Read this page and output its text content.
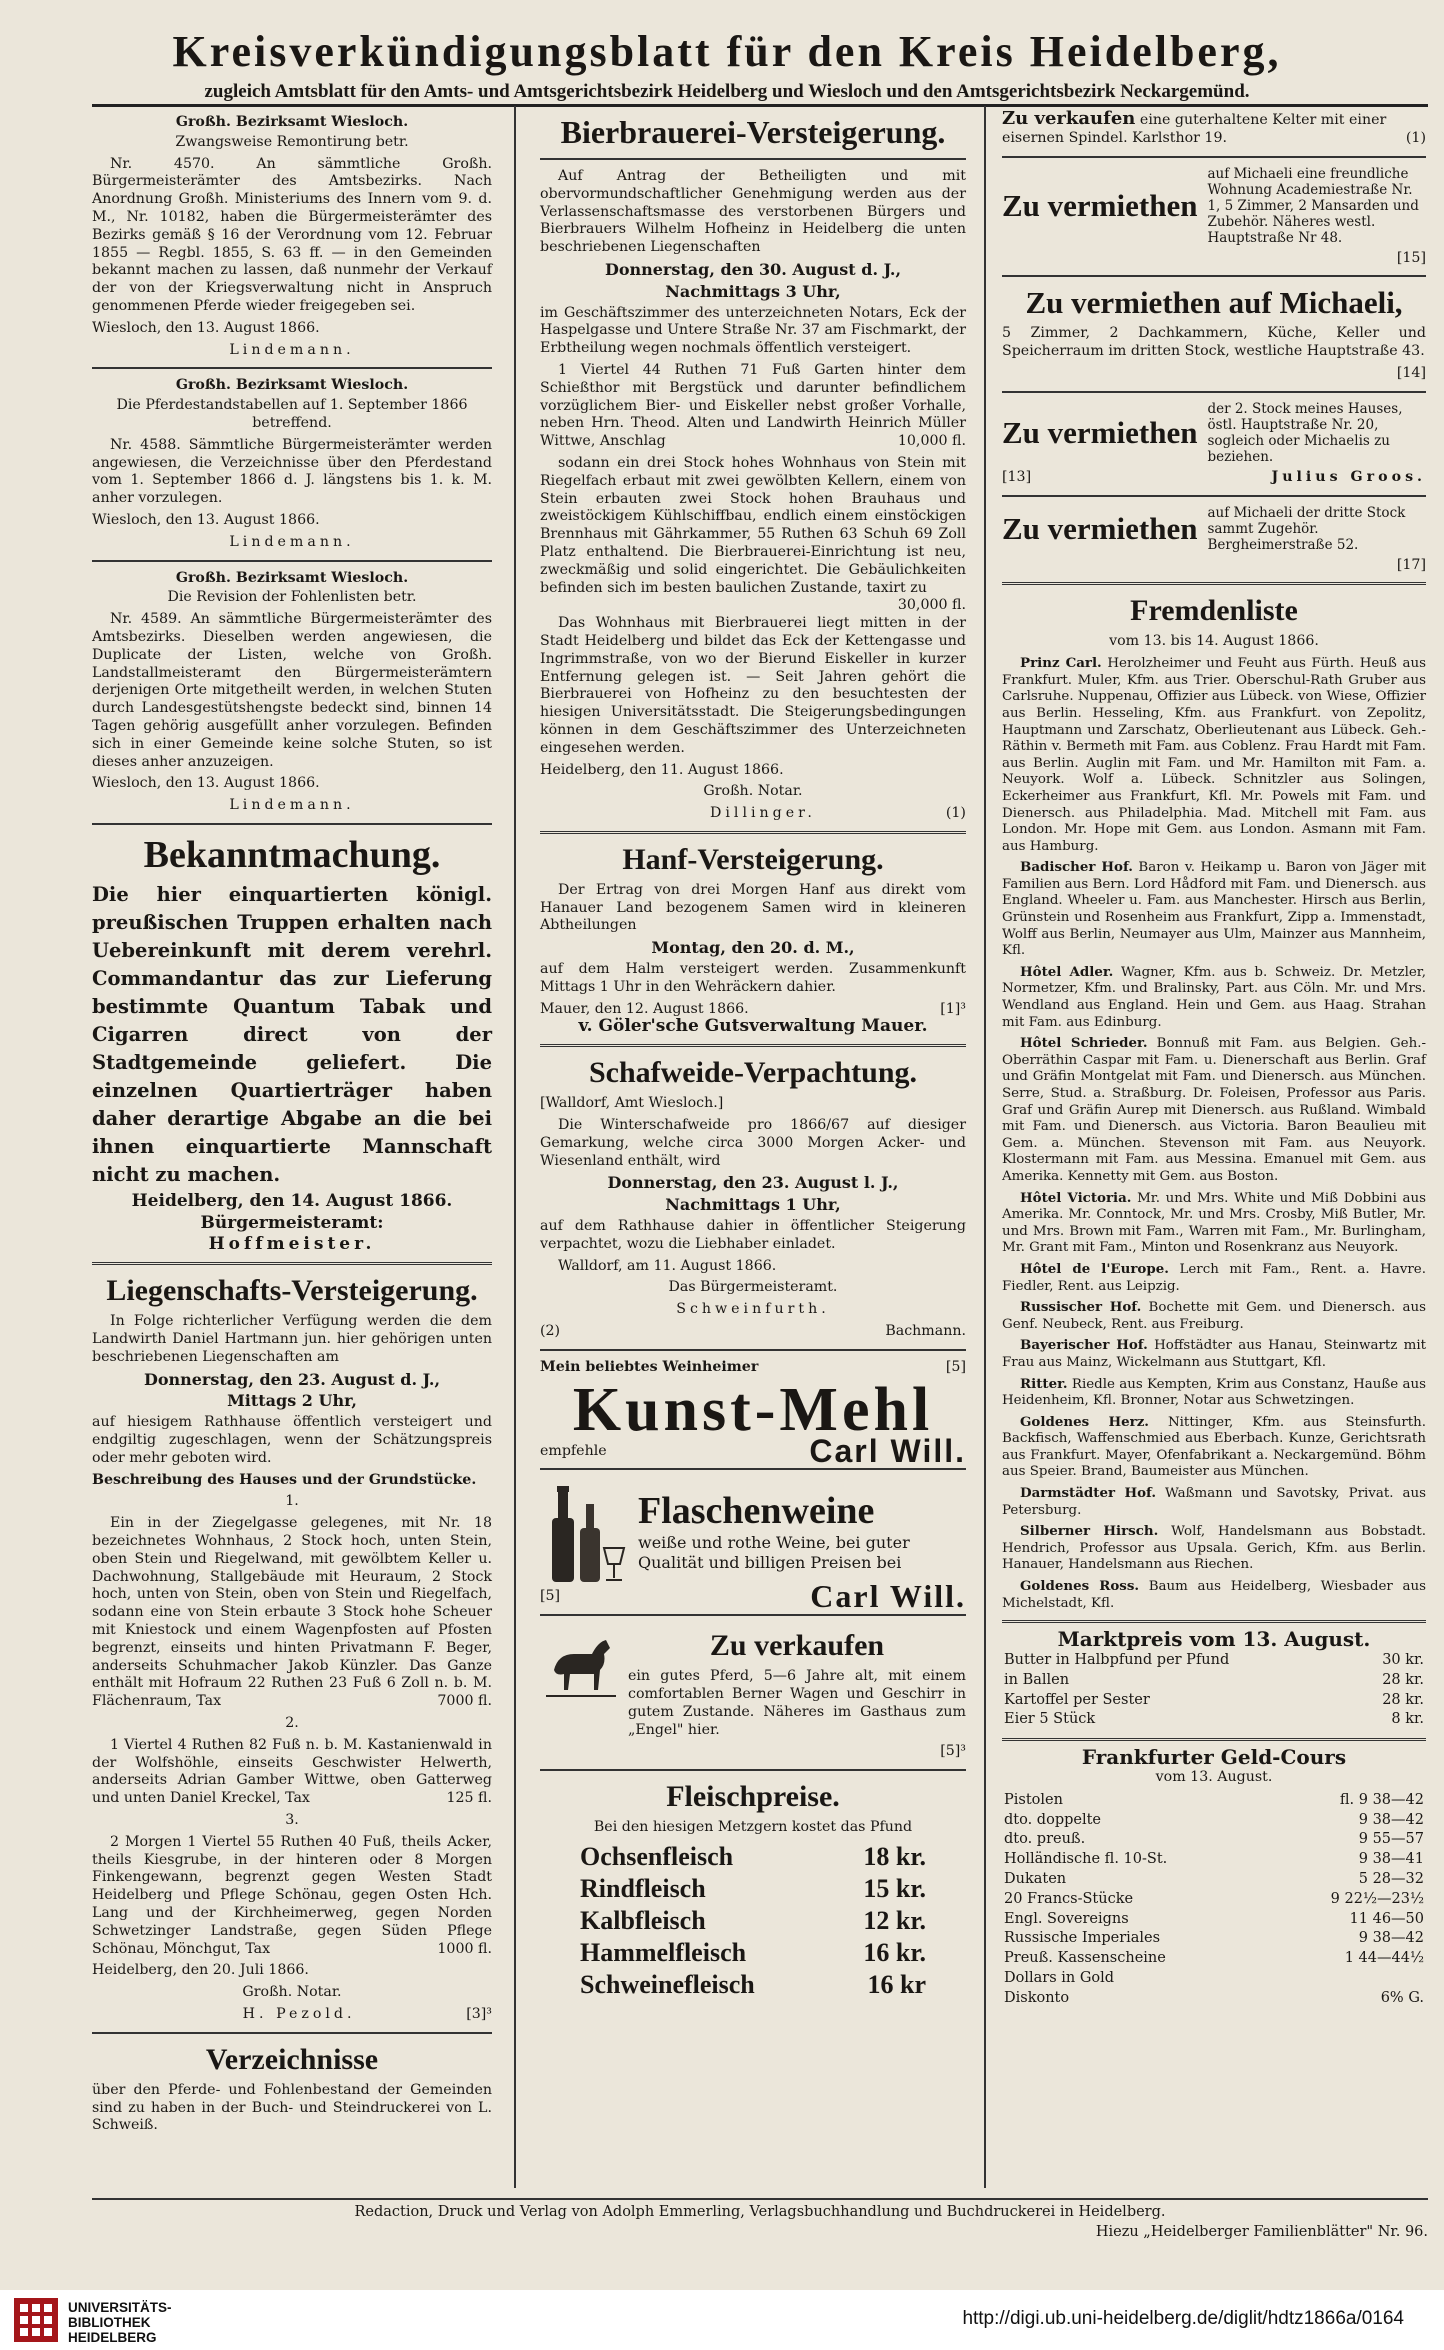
Kreisverkündigungsblatt für den Kreis Heidelberg,
zugleich Amtsblatt für den Amts- und Amtsgerichtsbezirk Heidelberg und Wiesloch und den Amtsgerichtsbezirk Neckargemünd.

Großh. Bezirksamt Wiesloch.

Zwangsweise Remontirung betr.

Nr. 4570. An sämmtliche Großh. Bürgermeisterämter des Amtsbezirks. Nach Anordnung Großh. Ministeriums des Innern vom 9. d. M., Nr. 10182, haben die Bürgermeisterämter des Bezirks gemäß § 16 der Verordnung vom 12. Februar 1855 — Regbl. 1855, S. 63 ff. — in den Gemeinden bekannt machen zu lassen, daß nunmehr der Verkauf der von der Kriegsverwaltung nicht in Anspruch genommenen Pferde wieder freigegeben sei.

Wiesloch, den 13. August 1866.

Lindemann.

Großh. Bezirksamt Wiesloch.

Die Pferdestandstabellen auf 1. September 1866 betreffend.

Nr. 4588. Sämmtliche Bürgermeisterämter werden angewiesen, die Verzeichnisse über den Pferdestand vom 1. September 1866 d. J. längstens bis 1. k. M. anher vorzulegen.

Wiesloch, den 13. August 1866.

Lindemann.

Großh. Bezirksamt Wiesloch.

Die Revision der Fohlenlisten betr.

Nr. 4589. An sämmtliche Bürgermeisterämter des Amtsbezirks. Dieselben werden angewiesen, die Duplicate der Listen, welche von Großh. Landstallmeisteramt den Bürgermeisterämtern derjenigen Orte mitgetheilt werden, in welchen Stuten durch Landesgestütshengste bedeckt sind, binnen 14 Tagen gehörig ausgefüllt anher vorzulegen. Befinden sich in einer Gemeinde keine solche Stuten, so ist dieses anher anzuzeigen.

Wiesloch, den 13. August 1866.

Lindemann.

Bekanntmachung.

Die hier einquartierten königl. preußischen Truppen erhalten nach Uebereinkunft mit derem verehrl. Commandantur das zur Lieferung bestimmte Quantum Tabak und Cigarren direct von der Stadtgemeinde geliefert. Die einzelnen Quartierträger haben daher derartige Abgabe an die bei ihnen einquartierte Mannschaft nicht zu machen.

Heidelberg, den 14. August 1866.

Bürgermeisteramt:

Hoffmeister.

Liegenschafts-Versteigerung.

In Folge richterlicher Verfügung werden die dem Landwirth Daniel Hartmann jun. hier gehörigen unten beschriebenen Liegenschaften am

Donnerstag, den 23. August d. J.,

Mittags 2 Uhr,

auf hiesigem Rathhause öffentlich versteigert und endgiltig zugeschlagen, wenn der Schätzungspreis oder mehr geboten wird.

Beschreibung des Hauses und der Grundstücke.

1.

Ein in der Ziegelgasse gelegenes, mit Nr. 18 bezeichnetes Wohnhaus, 2 Stock hoch, unten Stein, oben Stein und Riegelwand, mit gewölbtem Keller u. Dachwohnung, Stallgebäude mit Heuraum, 2 Stock hoch, unten von Stein, oben von Stein und Riegelfach, sodann eine von Stein erbaute 3 Stock hohe Scheuer mit Kniestock und einem Wagenpfosten auf Pfosten begrenzt, einseits und hinten Privatmann F. Beger, anderseits Schuhmacher Jakob Künzler. Das Ganze enthält mit Hofraum 22 Ruthen 23 Fuß 6 Zoll n. b. M. Flächenraum, Tax	7000 fl.

2.

1 Viertel 4 Ruthen 82 Fuß n. b. M. Kastanienwald in der Wolfshöhle, einseits Geschwister Helwerth, anderseits Adrian Gamber Wittwe, oben Gatterweg und unten Daniel Kreckel, Tax	125 fl.

3.

2 Morgen 1 Viertel 55 Ruthen 40 Fuß, theils Acker, theils Kiesgrube, in der hinteren oder 8 Morgen Finkengewann, begrenzt gegen Westen Stadt Heidelberg und Pflege Schönau, gegen Osten Hch. Lang und der Kirchheimerweg, gegen Norden Schwetzinger Landstraße, gegen Süden Pflege Schönau, Mönchgut, Tax	1000 fl.

Heidelberg, den 20. Juli 1866.

Großh. Notar.

H. Pezold.	[3]³
Verzeichnisse

über den Pferde- und Fohlenbestand der Gemeinden sind zu haben in der Buch- und Steindruckerei von L. Schweiß.

Bierbrauerei-Versteigerung.

Auf Antrag der Betheiligten und mit obervormundschaftlicher Genehmigung werden aus der Verlassenschaftsmasse des verstorbenen Bürgers und Bierbrauers Wilhelm Hofheinz in Heidelberg die unten beschriebenen Liegenschaften

Donnerstag, den 30. August d. J.,

Nachmittags 3 Uhr,

im Geschäftszimmer des unterzeichneten Notars, Eck der Haspelgasse und Untere Straße Nr. 37 am Fischmarkt, der Erbtheilung wegen nochmals öffentlich versteigert.

1 Viertel 44 Ruthen 71 Fuß Garten hinter dem Schießthor mit Bergstück und darunter befindlichem vorzüglichem Bier- und Eiskeller nebst großer Vorhalle, neben Hrn. Theod. Alten und Landwirth Heinrich Müller Wittwe, Anschlag	10,000 fl.

sodann ein drei Stock hohes Wohnhaus von Stein mit Riegelfach erbaut mit zwei gewölbten Kellern, einem von Stein erbauten zwei Stock hohen Brauhaus und zweistöckigem Kühlschiffbau, endlich einem einstöckigen Brennhaus mit Gährkammer, 55 Ruthen 63 Schuh 69 Zoll Platz enthaltend. Die Bierbrauerei-Einrichtung ist neu, zweckmäßig und solid eingerichtet. Die Gebäulichkeiten befinden sich im besten baulichen Zustande, taxirt zu
30,000 fl.

Das Wohnhaus mit Bierbrauerei liegt mitten in der Stadt Heidelberg und bildet das Eck der Kettengasse und Ingrimmstraße, von wo der Bierund Eiskeller in kurzer Entfernung gelegen ist. — Seit Jahren gehört die Bierbrauerei von Hofheinz zu den besuchtesten der hiesigen Universitätsstadt. Die Steigerungsbedingungen können in dem Geschäftszimmer des Unterzeichneten eingesehen werden.

Heidelberg, den 11. August 1866.

Großh. Notar.

Dillinger.	(1)
Hanf-Versteigerung.

Der Ertrag von drei Morgen Hanf aus direkt vom Hanauer Land bezogenem Samen wird in kleineren Abtheilungen

Montag, den 20. d. M.,

auf dem Halm versteigert werden. Zusammenkunft Mittags 1 Uhr in den Wehräckern dahier.

Mauer, den 12. August 1866.	[1]³

v. Göler'sche Gutsverwaltung Mauer.

Schafweide-Verpachtung.

[Walldorf, Amt Wiesloch.]

Die Winterschafweide pro 1866/67 auf diesiger Gemarkung, welche circa 3000 Morgen Acker- und Wiesenland enthält, wird

Donnerstag, den 23. August l. J.,

Nachmittags 1 Uhr,

auf dem Rathhause dahier in öffentlicher Steigerung verpachtet, wozu die Liebhaber einladet.

Walldorf, am 11. August 1866.

Das Bürgermeisteramt.

Schweinfurth.

(2)	Bachmann.
Mein beliebtes Weinheimer	[5]
Kunst-Mehl
empfehle	Carl Will.
Flaschenweine

weiße und rothe Weine, bei guter Qualität und billigen Preisen bei

[5]	Carl Will.
Zu verkaufen

ein gutes Pferd, 5—6 Jahre alt, mit einem comfortablen Berner Wagen und Geschirr in gutem Zustande. Näheres im Gasthaus zum „Engel" hier.

[5]³

Fleischpreise.

Bei den hiesigen Metzgern kostet das Pfund

Ochsenfleisch	18 kr.
Rindfleisch	15 kr.
Kalbfleisch	12 kr.
Hammelfleisch	16 kr.
Schweinefleisch	16 kr

Zu verkaufen eine guterhaltene Kelter mit einer eisernen Spindel. Karlsthor 19.	(1)

Zu vermiethen
auf Michaeli eine freundliche Wohnung Academiestraße Nr. 1, 5 Zimmer, 2 Mansarden und Zubehör. Näheres westl. Hauptstraße Nr 48.

[15]

Zu vermiethen auf Michaeli,

5 Zimmer, 2 Dachkammern, Küche, Keller und Speicherraum im dritten Stock, westliche Hauptstraße 43.

[14]

Zu vermiethen
der 2. Stock meines Hauses, östl. Hauptstraße Nr. 20, sogleich oder Michaelis zu beziehen.
[13]	Julius Groos.
Zu vermiethen auf Michaeli der dritte Stock sammt Zugehör. Bergheimerstraße 52.

[17]

Fremdenliste

vom 13. bis 14. August 1866.

Prinz Carl. Herolzheimer und Feuht aus Fürth. Heuß aus Frankfurt. Muler, Kfm. aus Trier. Oberschul-Rath Gruber aus Carlsruhe. Nuppenau, Offizier aus Lübeck. von Wiese, Offizier aus Berlin. Hesseling, Kfm. aus Frankfurt. von Zepolitz, Hauptmann und Zarschatz, Oberlieutenant aus Lübeck. Geh.-Räthin v. Bermeth mit Fam. aus Coblenz. Frau Hardt mit Fam. aus Berlin. Auglin mit Fam. und Mr. Hamilton mit Fam. a. Neuyork. Wolf a. Lübeck. Schnitzler aus Solingen, Eckerheimer aus Frankfurt, Kfl. Mr. Powels mit Fam. und Dienersch. aus Philadelphia. Mad. Mitchell mit Fam. aus London. Mr. Hope mit Gem. aus London. Asmann mit Fam. aus Hamburg.

Badischer Hof. Baron v. Heikamp u. Baron von Jäger mit Familien aus Bern. Lord Hådford mit Fam. und Dienersch. aus England. Wheeler u. Fam. aus Manchester. Hirsch aus Berlin, Grünstein und Rosenheim aus Frankfurt, Zipp a. Immenstadt, Wolff aus Berlin, Neumayer aus Ulm, Mainzer aus Mannheim, Kfl.

Hôtel Adler. Wagner, Kfm. aus b. Schweiz. Dr. Metzler, Normetzer, Kfm. und Bralinsky, Part. aus Cöln. Mr. und Mrs. Wendland aus England. Hein und Gem. aus Haag. Strahan mit Fam. aus Edinburg.

Hôtel Schrieder. Bonnuß mit Fam. aus Belgien. Geh.-Oberräthin Caspar mit Fam. u. Dienerschaft aus Berlin. Graf und Gräfin Montgelat mit Fam. und Dienersch. aus München. Serre, Stud. a. Straßburg. Dr. Foleisen, Professor aus Paris. Graf und Gräfin Aurep mit Dienersch. aus Rußland. Wimbald mit Fam. und Dienersch. aus Victoria. Baron Beaulieu mit Gem. a. München. Stevenson mit Fam. aus Neuyork. Klostermann mit Fam. aus Messina. Emanuel mit Gem. aus Amerika. Kennetty mit Gem. aus Boston.

Hôtel Victoria. Mr. und Mrs. White und Miß Dobbini aus Amerika. Mr. Conntock, Mr. und Mrs. Crosby, Miß Butler, Mr. und Mrs. Brown mit Fam., Warren mit Fam., Mr. Burlingham, Mr. Grant mit Fam., Minton und Rosenkranz aus Neuyork.

Hôtel de l'Europe. Lerch mit Fam., Rent. a. Havre. Fiedler, Rent. aus Leipzig.

Russischer Hof. Bochette mit Gem. und Dienersch. aus Genf. Neubeck, Rent. aus Freiburg.

Bayerischer Hof. Hoffstädter aus Hanau, Steinwartz mit Frau aus Mainz, Wickelmann aus Stuttgart, Kfl.

Ritter. Riedle aus Kempten, Krim aus Constanz, Hauße aus Heidenheim, Kfl. Bronner, Notar aus Schwetzingen.

Goldenes Herz. Nittinger, Kfm. aus Steinsfurth. Backfisch, Waffenschmied aus Eberbach. Kunze, Gerichtsrath aus Frankfurt. Mayer, Ofenfabrikant a. Neckargemünd. Böhm aus Speier. Brand, Baumeister aus München.

Darmstädter Hof. Waßmann und Savotsky, Privat. aus Petersburg.

Silberner Hirsch. Wolf, Handelsmann aus Bobstadt. Hendrich, Professor aus Upsala. Gerich, Kfm. aus Berlin. Hanauer, Handelsmann aus Riechen.

Goldenes Ross. Baum aus Heidelberg, Wiesbader aus Michelstadt, Kfl.

Marktpreis vom 13. August.
Butter in Halbpfund per Pfund	30 kr.
in Ballen	28 kr.
Kartoffel per Sester	28 kr.
Eier 5 Stück	8 kr.
Frankfurter Geld-Cours

vom 13. August.

Pistolen	fl. 9 38—42
dto. doppelte	9 38—42
dto. preuß.	9 55—57
Holländische fl. 10-St.	9 38—41
Dukaten	5 28—32
20 Francs-Stücke	9 22½—23½
Engl. Sovereigns	11 46—50
Russische Imperiales	9 38—42
Preuß. Kassenscheine	1 44—44½
Dollars in Gold	
Diskonto	6% G.

Redaction, Druck und Verlag von Adolph Emmerling, Verlagsbuchhandlung und Buchdruckerei in Heidelberg.

Hiezu „Heidelberger Familienblätter" Nr. 96.

UNIVERSITÄTS-
BIBLIOTHEK
HEIDELBERG
http://digi.ub.uni-heidelberg.de/diglit/hdtz1866a/0164
